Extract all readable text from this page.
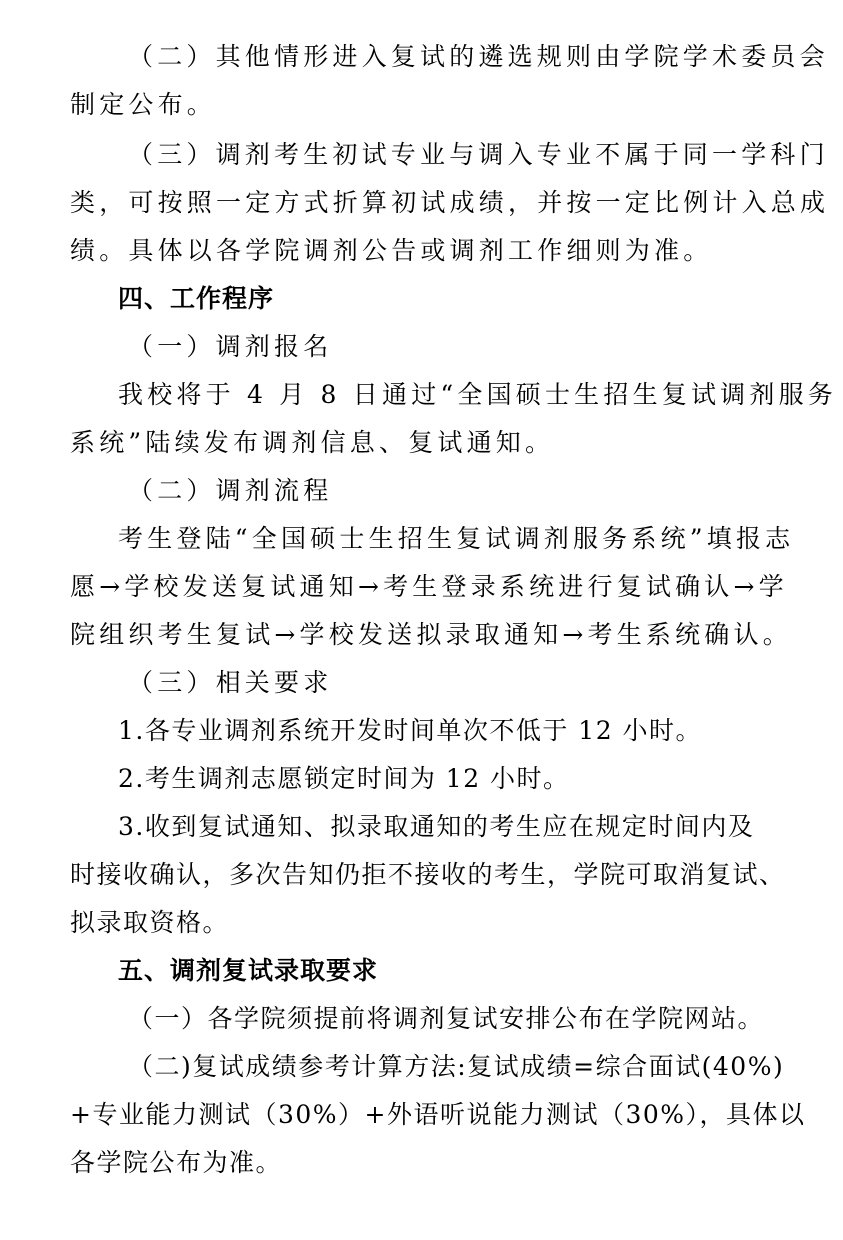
（二）其他情形进入复试的遴选规则由学院学术委员会
制定公布。
（三）调剂考生初试专业与调入专业不属于同一学科门
类，可按照一定方式折算初试成绩，并按一定比例计入总成
绩。具体以各学院调剂公告或调剂工作细则为准。
四、工作程序
（一）调剂报名
我校将于 4 月 8 日通过“全国硕士生招生复试调剂服务
系统”陆续发布调剂信息、复试通知。
（二）调剂流程
考生登陆“全国硕士生招生复试调剂服务系统”填报志
愿→学校发送复试通知→考生登录系统进行复试确认→学
院组织考生复试→学校发送拟录取通知→考生系统确认。
（三）相关要求
1.各专业调剂系统开发时间单次不低于 12 小时。
2.考生调剂志愿锁定时间为 12 小时。
3.收到复试通知、拟录取通知的考生应在规定时间内及
时接收确认，多次告知仍拒不接收的考生，学院可取消复试、
拟录取资格。
五、调剂复试录取要求
（一）各学院须提前将调剂复试安排公布在学院网站。
（二)复试成绩参考计算方法:复试成绩=综合面试(40%)
+专业能力测试（30%）+外语听说能力测试（30%），具体以
各学院公布为准。
